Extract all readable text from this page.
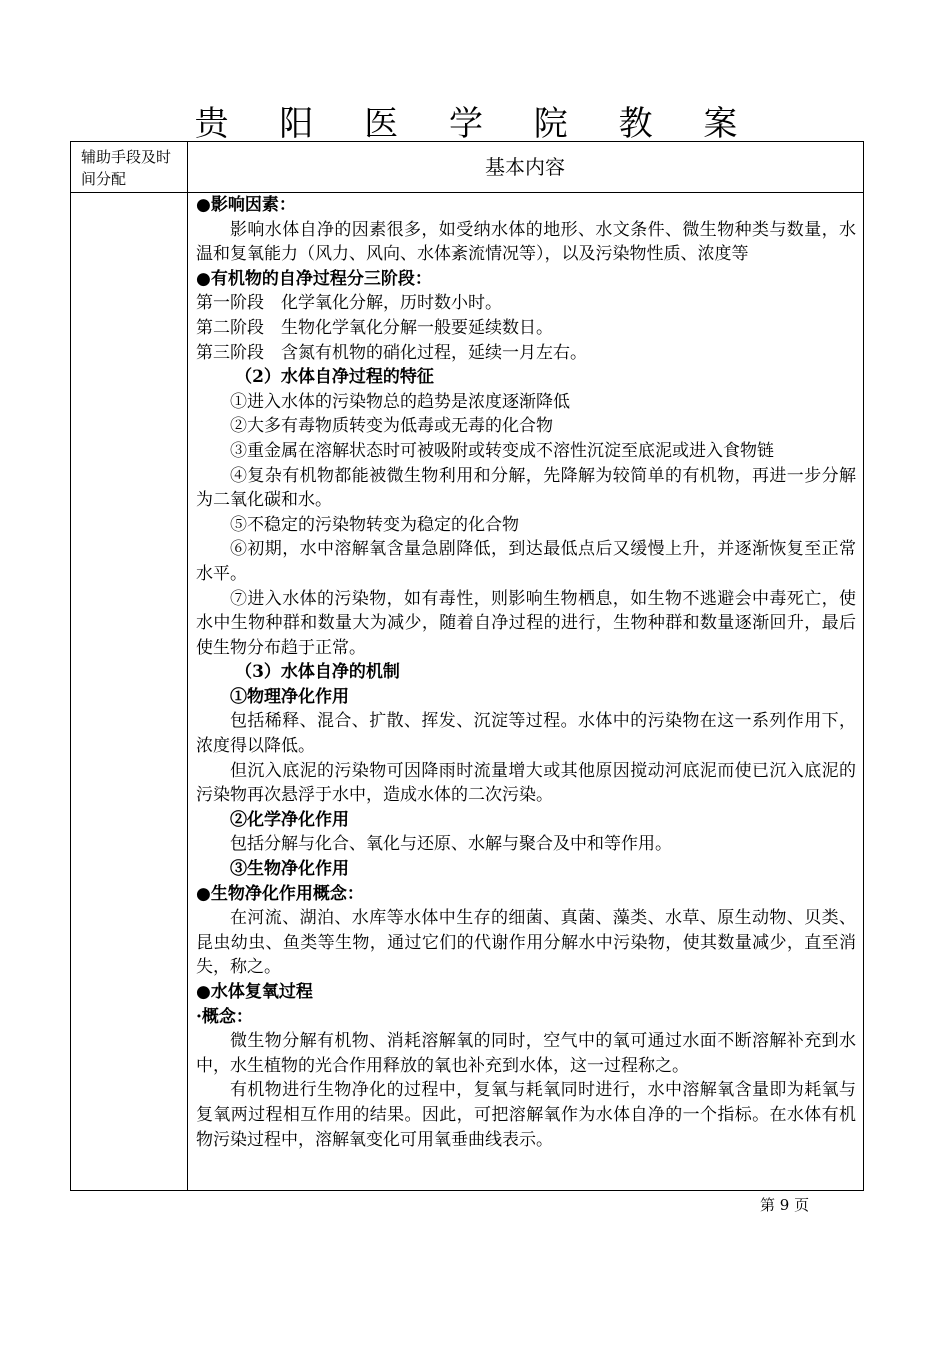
贵 阳 医 学 院 教 案
辅助手段及时间分配	基本内容

●影响因素：

影响水体自净的因素很多，如受纳水体的地形、水文条件、微生物种类与数量，水温和复氧能力（风力、风向、水体紊流情况等），以及污染物性质、浓度等

●有机物的自净过程分三阶段：

第一阶段　化学氧化分解，历时数小时。

第二阶段　生物化学氧化分解一般要延续数日。

第三阶段　含氮有机物的硝化过程，延续一月左右。

（2）水体自净过程的特征

①进入水体的污染物总的趋势是浓度逐渐降低

②大多有毒物质转变为低毒或无毒的化合物

③重金属在溶解状态时可被吸附或转变成不溶性沉淀至底泥或进入食物链

④复杂有机物都能被微生物利用和分解，先降解为较简单的有机物，再进一步分解为二氧化碳和水。

⑤不稳定的污染物转变为稳定的化合物

⑥初期，水中溶解氧含量急剧降低，到达最低点后又缓慢上升，并逐渐恢复至正常水平。

⑦进入水体的污染物，如有毒性，则影响生物栖息，如生物不逃避会中毒死亡，使水中生物种群和数量大为减少，随着自净过程的进行，生物种群和数量逐渐回升，最后使生物分布趋于正常。

（3）水体自净的机制

①物理净化作用

包括稀释、混合、扩散、挥发、沉淀等过程。水体中的污染物在这一系列作用下，浓度得以降低。

但沉入底泥的污染物可因降雨时流量增大或其他原因搅动河底泥而使已沉入底泥的污染物再次悬浮于水中，造成水体的二次污染。

②化学净化作用

包括分解与化合、氧化与还原、水解与聚合及中和等作用。

③生物净化作用

●生物净化作用概念：

在河流、湖泊、水库等水体中生存的细菌、真菌、藻类、水草、原生动物、贝类、昆虫幼虫、鱼类等生物，通过它们的代谢作用分解水中污染物，使其数量减少，直至消失，称之。

●水体复氧过程

·概念：

微生物分解有机物、消耗溶解氧的同时，空气中的氧可通过水面不断溶解补充到水中，水生植物的光合作用释放的氧也补充到水体，这一过程称之。

有机物进行生物净化的过程中，复氧与耗氧同时进行，水中溶解氧含量即为耗氧与复氧两过程相互作用的结果。因此，可把溶解氧作为水体自净的一个指标。在水体有机物污染过程中，溶解氧变化可用氧垂曲线表示。

第 9 页
